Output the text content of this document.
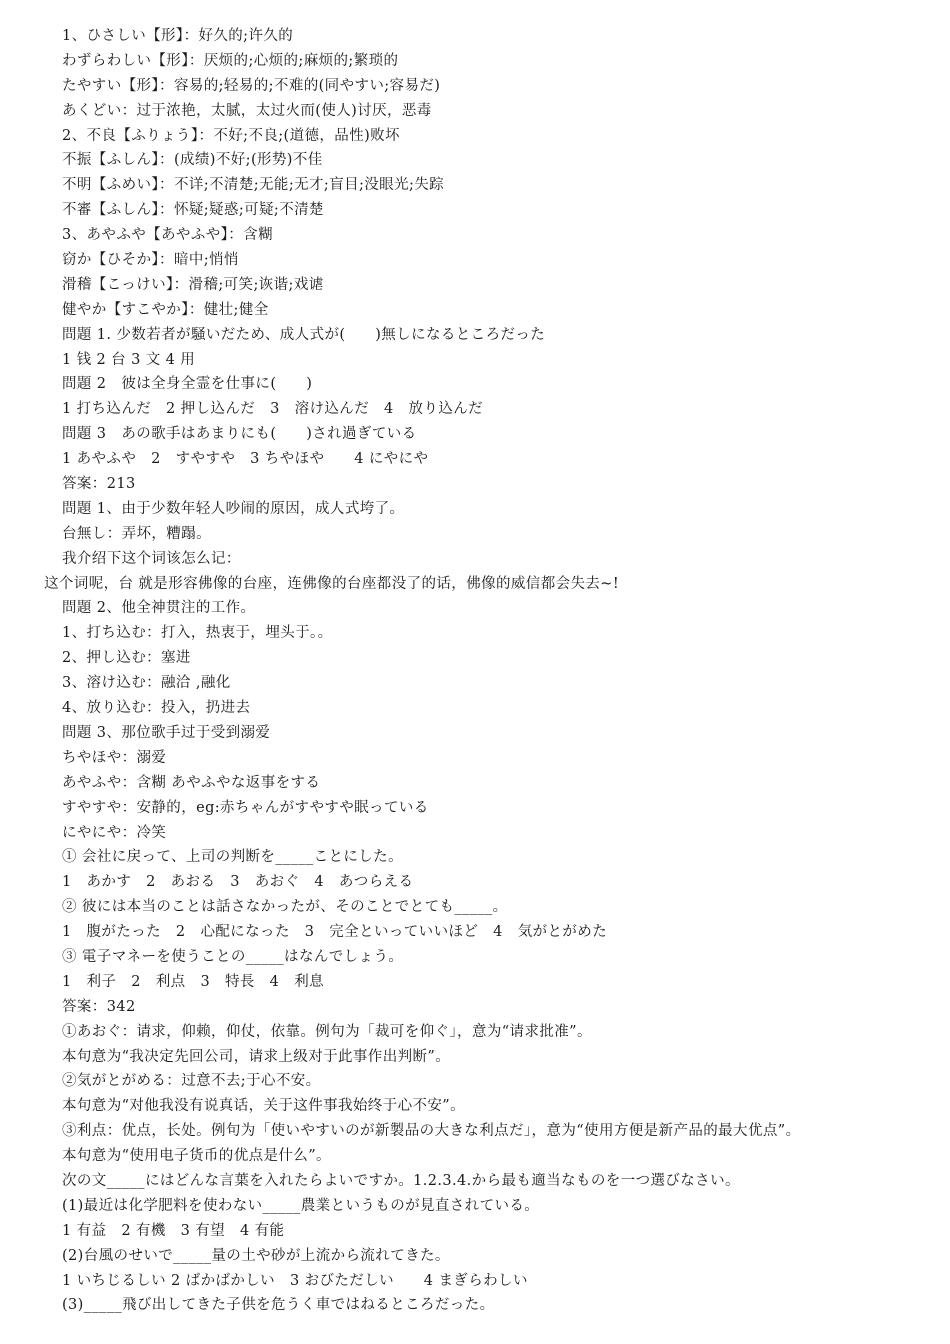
1、ひさしい【形】：好久的;许久的
わずらわしい【形】：厌烦的;心烦的;麻烦的;繁琐的
たやすい【形】：容易的;轻易的;不难的(同やすい;容易だ)
あくどい：过于浓艳，太腻，太过火而(使人)讨厌，恶毒
2、不良【ふりょう】：不好;不良;(道德，品性)败坏
不振【ふしん】：(成绩)不好;(形势)不佳
不明【ふめい】：不详;不清楚;无能;无才;盲目;没眼光;失踪
不審【ふしん】：怀疑;疑惑;可疑;不清楚
3、あやふや【あやふや】：含糊
窃か【ひそか】：暗中;悄悄
滑稽【こっけい】：滑稽;可笑;诙谐;戏谑
健やか【すこやか】：健壮;健全
問題 1. 少数若者が騒いだため、成人式が(　　)無しになるところだった
1 钱 2 台 3 文 4 用
問題 2　彼は全身全霊を仕事に(　　)
1 打ち込んだ　2 押し込んだ　3　溶け込んだ　4　放り込んだ
問題 3　あの歌手はあまりにも(　　)され過ぎている
1 あやふや　2　すやすや　3 ちやほや　　4 にやにや
答案：213
問題 1、由于少数年轻人吵闹的原因，成人式垮了。
台無し：弄坏，糟蹋。
我介绍下这个词该怎么记：
这个词呢，台 就是形容佛像的台座，连佛像的台座都没了的话，佛像的威信都会失去~!
問題 2、他全神贯注的工作。
1、打ち込む：打入，热衷于，埋头于。。
2、押し込む：塞进
3、溶け込む：融洽 ,融化
4、放り込む：投入，扔进去
問題 3、那位歌手过于受到溺爱
ちやほや：溺爱
あやふや：含糊 あやふやな返事をする
すやすや：安静的，eg:赤ちゃんがすやすや眠っている
にやにや：冷笑
① 会社に戻って、上司の判断を_____ことにした。
1　あかす　2　あおる　3　あおぐ　4　あつらえる
② 彼には本当のことは話さなかったが、そのことでとても_____。
1　腹がたった　2　心配になった　3　完全といっていいほど　4　気がとがめた
③ 電子マネーを使うことの_____はなんでしょう。
1　利子　2　利点　3　特長　4　利息
答案：342
①あおぐ：请求，仰赖，仰仗，依靠。例句为「裁可を仰ぐ」，意为“请求批准”。
本句意为“我决定先回公司，请求上级对于此事作出判断”。
②気がとがめる：过意不去;于心不安。
本句意为“对他我没有说真话，关于这件事我始终于心不安”。
③利点：优点，长处。例句为「使いやすいのが新製品の大きな利点だ」，意为“使用方便是新产品的最大优点”。
本句意为“使用电子货币的优点是什么”。
次の文_____にはどんな言葉を入れたらよいですか。1.2.3.4.から最も適当なものを一つ選びなさい。
(1)最近は化学肥料を使わない_____農業というものが見直されている。
1 有益　2 有機　3 有望　4 有能
(2)台風のせいで_____量の土や砂が上流から流れてきた。
1 いちじるしい 2 ばかばかしい　3 おびただしい　　4 まぎらわしい
(3)_____飛び出してきた子供を危うく車ではねるところだった。
